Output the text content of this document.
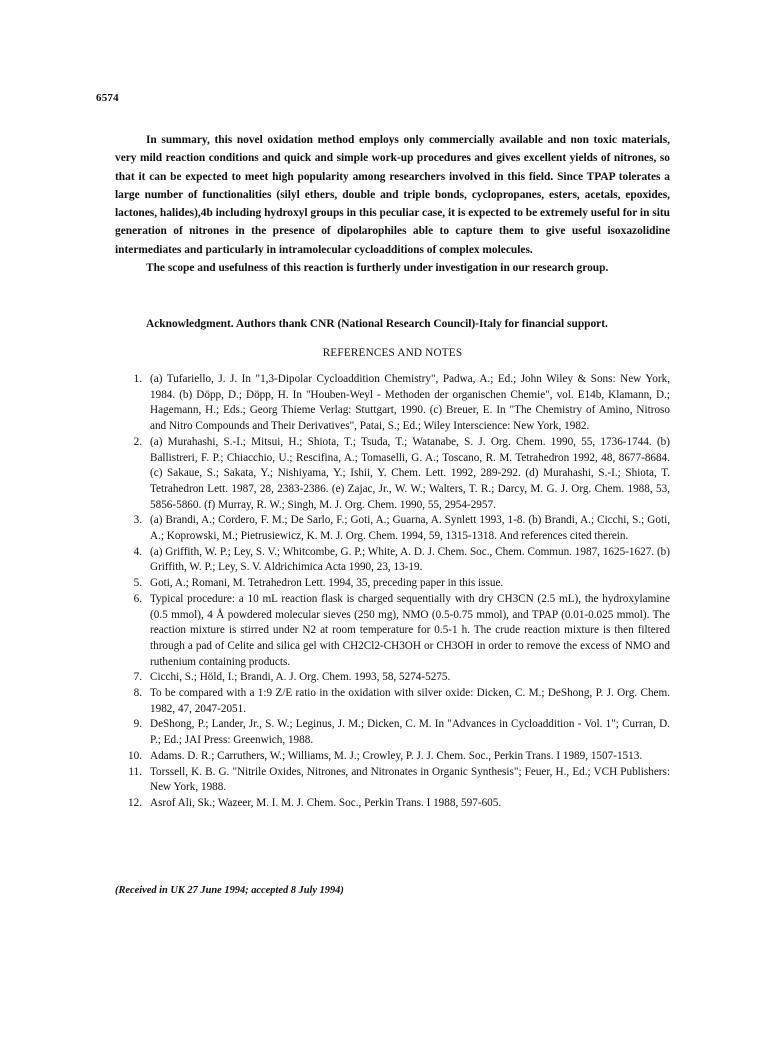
6574

In summary, this novel oxidation method employs only commercially available and non toxic materials, very mild reaction conditions and quick and simple work-up procedures and gives excellent yields of nitrones, so that it can be expected to meet high popularity among researchers involved in this field. Since TPAP tolerates a large number of functionalities (silyl ethers, double and triple bonds, cyclopropanes, esters, acetals, epoxides, lactones, halides),4b including hydroxyl groups in this peculiar case, it is expected to be extremely useful for in situ generation of nitrones in the presence of dipolarophiles able to capture them to give useful isoxazolidine intermediates and particularly in intramolecular cycloadditions of complex molecules.

The scope and usefulness of this reaction is furtherly under investigation in our research group.

Acknowledgment. Authors thank CNR (National Research Council)-Italy for financial support.
REFERENCES AND NOTES
1. (a) Tufariello, J. J. In "1,3-Dipolar Cycloaddition Chemistry", Padwa, A.; Ed.; John Wiley & Sons: New York, 1984. (b) Döpp, D.; Döpp, H. In "Houben-Weyl - Methoden der organischen Chemie", vol. E14b, Klamann, D.; Hagemann, H.; Eds.; Georg Thieme Verlag: Stuttgart, 1990. (c) Breuer, E. In "The Chemistry of Amino, Nitroso and Nitro Compounds and Their Derivatives", Patai, S.; Ed.; Wiley Interscience: New York, 1982.
2. (a) Murahashi, S.-I.; Mitsui, H.; Shiota, T.; Tsuda, T.; Watanabe, S. J. Org. Chem. 1990, 55, 1736-1744. (b) Ballistreri, F. P.; Chiacchio, U.; Rescifina, A.; Tomaselli, G. A.; Toscano, R. M. Tetrahedron 1992, 48, 8677-8684. (c) Sakaue, S.; Sakata, Y.; Nishiyama, Y.; Ishii, Y. Chem. Lett. 1992, 289-292. (d) Murahashi, S.-I.; Shiota, T. Tetrahedron Lett. 1987, 28, 2383-2386. (e) Zajac, Jr., W. W.; Walters, T. R.; Darcy, M. G. J. Org. Chem. 1988, 53, 5856-5860. (f) Murray, R. W.; Singh, M. J. Org. Chem. 1990, 55, 2954-2957.
3. (a) Brandi, A.; Cordero, F. M.; De Sarlo, F.; Goti, A.; Guarna, A. Synlett 1993, 1-8. (b) Brandi, A.; Cicchi, S.; Goti, A.; Koprowski, M.; Pietrusiewicz, K. M. J. Org. Chem. 1994, 59, 1315-1318. And references cited therein.
4. (a) Griffith, W. P.; Ley, S. V.; Whitcombe, G. P.; White, A. D. J. Chem. Soc., Chem. Commun. 1987, 1625-1627. (b) Griffith, W. P.; Ley, S. V. Aldrichimica Acta 1990, 23, 13-19.
5. Goti, A.; Romani, M. Tetrahedron Lett. 1994, 35, preceding paper in this issue.
6. Typical procedure: a 10 mL reaction flask is charged sequentially with dry CH3CN (2.5 mL), the hydroxylamine (0.5 mmol), 4 Å powdered molecular sieves (250 mg), NMO (0.5-0.75 mmol), and TPAP (0.01-0.025 mmol). The reaction mixture is stirred under N2 at room temperature for 0.5-1 h. The crude reaction mixture is then filtered through a pad of Celite and silica gel with CH2Cl2-CH3OH or CH3OH in order to remove the excess of NMO and ruthenium containing products.
7. Cicchi, S.; Höld, I.; Brandi, A. J. Org. Chem. 1993, 58, 5274-5275.
8. To be compared with a 1:9 Z/E ratio in the oxidation with silver oxide: Dicken, C. M.; DeShong, P. J. Org. Chem. 1982, 47, 2047-2051.
9. DeShong, P.; Lander, Jr., S. W.; Leginus, J. M.; Dicken, C. M. In "Advances in Cycloaddition - Vol. 1"; Curran, D. P.; Ed.; JAI Press: Greenwich, 1988.
10. Adams. D. R.; Carruthers, W.; Williams, M. J.; Crowley, P. J. J. Chem. Soc., Perkin Trans. I 1989, 1507-1513.
11. Torssell, K. B. G. "Nitrile Oxides, Nitrones, and Nitronates in Organic Synthesis"; Feuer, H., Ed.; VCH Publishers: New York, 1988.
12. Asrof Ali, Sk.; Wazeer, M. I. M. J. Chem. Soc., Perkin Trans. I 1988, 597-605.
(Received in UK 27 June 1994; accepted 8 July 1994)
